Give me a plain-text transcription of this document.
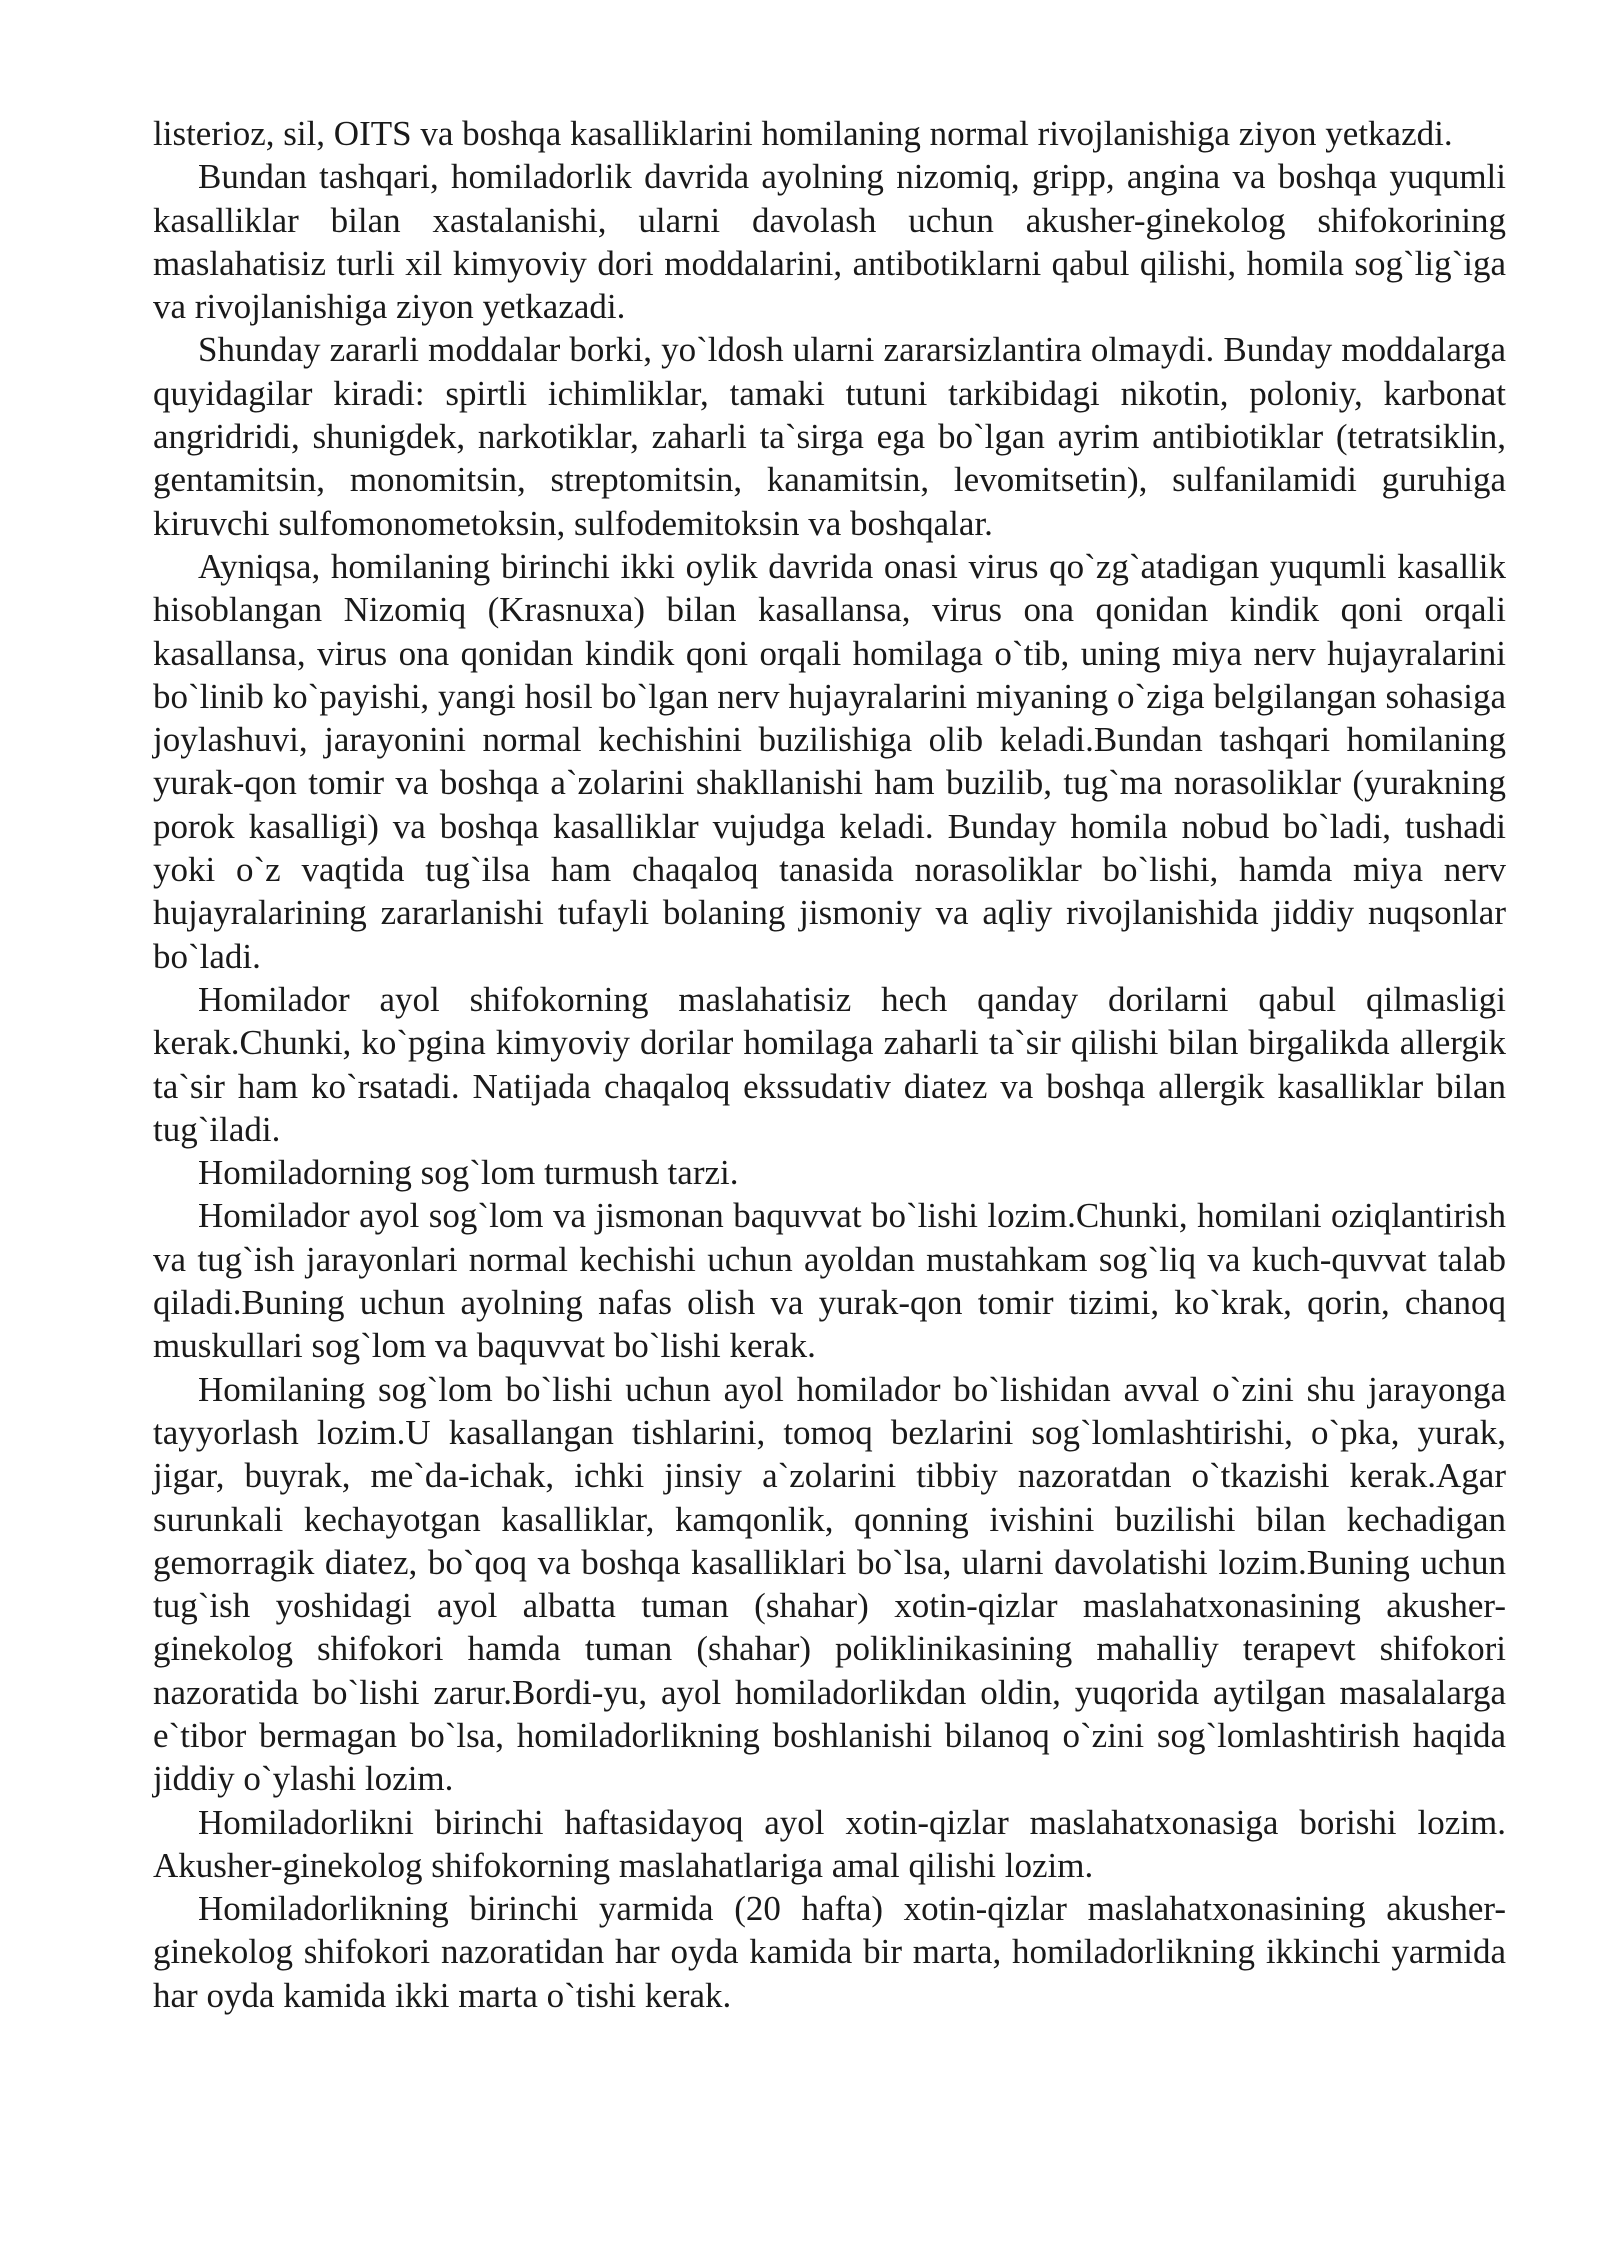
listerioz, sil, OITS va boshqa kasalliklarini homilaning normal rivojlanishiga ziyon yetkazdi.

Bundan tashqari, homiladorlik davrida ayolning nizomiq, gripp, angina va boshqa yuqumli kasalliklar bilan xastalanishi, ularni davolash uchun akusher-ginekolog shifokorining maslahatisiz turli xil kimyoviy dori moddalarini, antibotiklarni qabul qilishi, homila sog`lig`iga va rivojlanishiga ziyon yetkazadi.

Shunday zararli moddalar borki, yo`ldosh ularni zararsizlantira olmaydi. Bunday moddalarga quyidagilar kiradi: spirtli ichimliklar, tamaki tutuni tarkibidagi nikotin, poloniy, karbonat angridridi, shunigdek, narkotiklar, zaharli ta`sirga ega bo`lgan ayrim antibiotiklar (tetratsiklin, gentamitsin, monomitsin, streptomitsin, kanamitsin, levomitsetin), sulfanilamidi guruhiga kiruvchi sulfomonometoksin, sulfodemitoksin va boshqalar.

Ayniqsa, homilaning birinchi ikki oylik davrida onasi virus qo`zg`atadigan yuqumli kasallik hisoblangan Nizomiq (Krasnuxa) bilan kasallansa, virus ona qonidan kindik qoni orqali kasallansa, virus ona qonidan kindik qoni orqali homilaga o`tib, uning miya nerv hujayralarini bo`linib ko`payishi, yangi hosil bo`lgan nerv hujayralarini miyaning o`ziga belgilangan sohasiga joylashuvi, jarayonini normal kechishini buzilishiga olib keladi.Bundan tashqari homilaning yurak-qon tomir va boshqa a`zolarini shakllanishi ham buzilib, tug`ma norasoliklar (yurakning porok kasalligi) va boshqa kasalliklar vujudga keladi. Bunday homila nobud bo`ladi, tushadi yoki o`z vaqtida tug`ilsa ham chaqaloq tanasida norasoliklar bo`lishi, hamda miya nerv hujayralarining zararlanishi tufayli bolaning jismoniy va aqliy rivojlanishida jiddiy nuqsonlar bo`ladi.

Homilador ayol shifokorning maslahatisiz hech qanday dorilarni qabul qilmasligi kerak.Chunki, ko`pgina kimyoviy dorilar homilaga zaharli ta`sir qilishi bilan birgalikda allergik ta`sir ham ko`rsatadi. Natijada chaqaloq ekssudativ diatez va boshqa allergik kasalliklar bilan tug`iladi.

Homiladorning sog`lom turmush tarzi.

Homilador ayol sog`lom va jismonan baquvvat bo`lishi lozim.Chunki, homilani oziqlantirish va tug`ish jarayonlari normal kechishi uchun ayoldan mustahkam sog`liq va kuch-quvvat talab qiladi.Buning uchun ayolning nafas olish va yurak-qon tomir tizimi, ko`krak, qorin, chanoq muskullari sog`lom va baquvvat bo`lishi kerak.

Homilaning sog`lom bo`lishi uchun ayol homilador bo`lishidan avval o`zini shu jarayonga tayyorlash lozim.U kasallangan tishlarini, tomoq bezlarini sog`lomlashtirishi, o`pka, yurak, jigar, buyrak, me`da-ichak, ichki jinsiy a`zolarini tibbiy nazoratdan o`tkazishi kerak.Agar surunkali kechayotgan kasalliklar, kamqonlik, qonning ivishini buzilishi bilan kechadigan gemorragik diatez, bo`qoq va boshqa kasalliklari bo`lsa, ularni davolatishi lozim.Buning uchun tug`ish yoshidagi ayol albatta tuman (shahar) xotin-qizlar maslahatxonasining akusher-ginekolog shifokori hamda tuman (shahar) poliklinikasining mahalliy terapevt shifokori nazoratida bo`lishi zarur.Bordi-yu, ayol homiladorlikdan oldin, yuqorida aytilgan masalalarga e`tibor bermagan bo`lsa, homiladorlikning boshlanishi bilanoq o`zini sog`lomlashtirish haqida jiddiy o`ylashi lozim.

Homiladorlikni birinchi haftasidayoq ayol xotin-qizlar maslahatxonasiga borishi lozim. Akusher-ginekolog shifokorning maslahatlariga amal qilishi lozim.

Homiladorlikning birinchi yarmida (20 hafta) xotin-qizlar maslahatxonasining akusher-ginekolog shifokori nazoratidan har oyda kamida bir marta, homiladorlikning ikkinchi yarmida har oyda kamida ikki marta o`tishi kerak.
